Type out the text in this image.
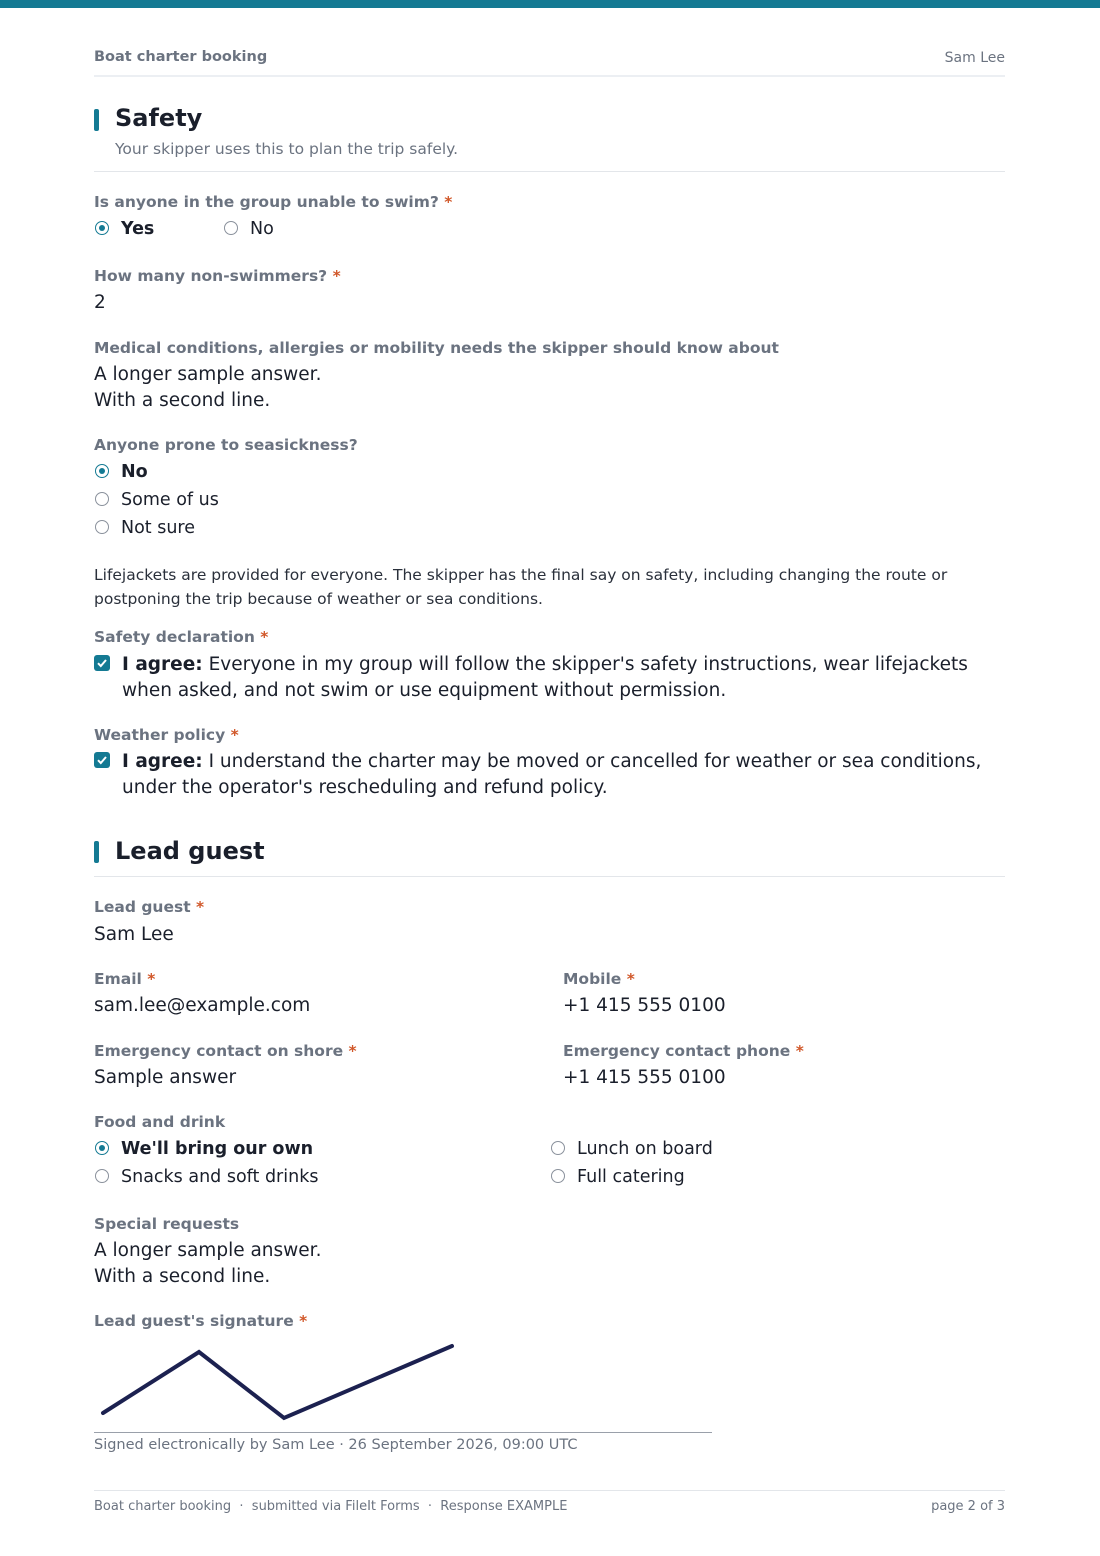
Boat charter booking	Sam Lee
Safety
Your skipper uses this to plan the trip safely.
Is anyone in the group unable to swim? *
Yes	No
How many non-swimmers? *
2
Medical conditions, allergies or mobility needs the skipper should know about
A longer sample answer.
With a second line.
Anyone prone to seasickness?
No
Some of us
Not sure
Lifejackets are provided for everyone. The skipper has the final say on safety, including changing the route or postponing the trip because of weather or sea conditions.
Safety declaration *
I agree: Everyone in my group will follow the skipper's safety instructions, wear lifejackets when asked, and not swim or use equipment without permission.
Weather policy *
I agree: I understand the charter may be moved or cancelled for weather or sea conditions, under the operator's rescheduling and refund policy.
Lead guest
Lead guest *
Sam Lee
Email *
sam.lee@example.com
Mobile *
+1 415 555 0100
Emergency contact on shore *
Sample answer
Emergency contact phone *
+1 415 555 0100
Food and drink
We'll bring our own
Snacks and soft drinks
Lunch on board
Full catering
Special requests
A longer sample answer.
With a second line.
Lead guest's signature *
Signed electronically by Sam Lee · 26 September 2026, 09:00 UTC
Boat charter booking  ·  submitted via FileIt Forms  ·  Response EXAMPLE	page 2 of 3
